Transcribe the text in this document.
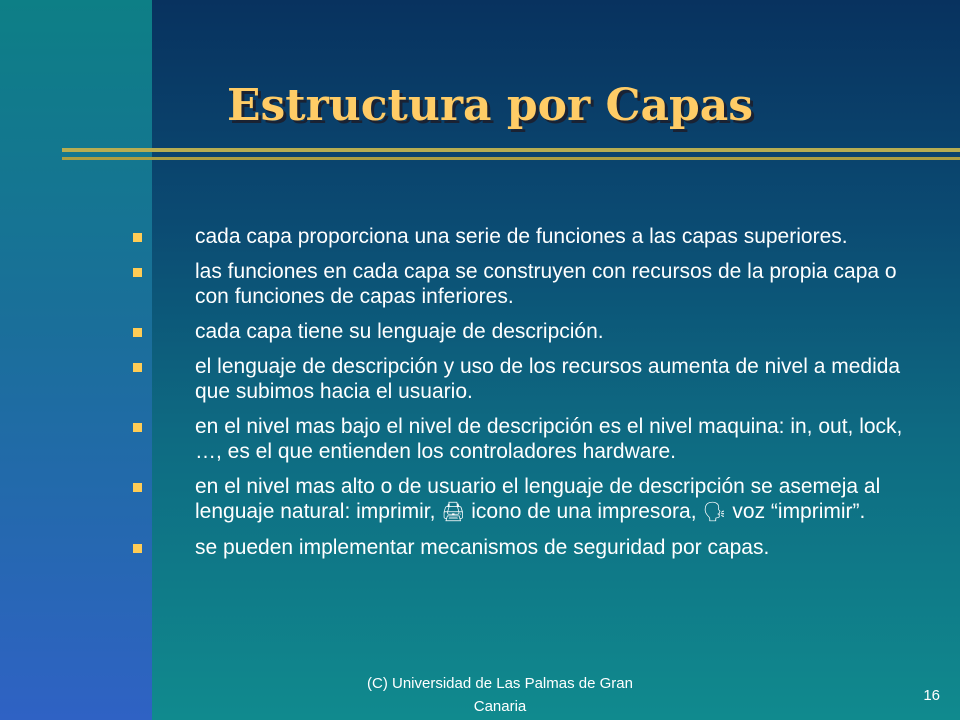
Estructura por Capas
cada capa proporciona una serie de funciones a las capas superiores.
las funciones en cada capa se construyen con recursos de la propia capa o con funciones de capas inferiores.
cada capa tiene su lenguaje de descripción.
el lenguaje de descripción y uso de los recursos aumenta de nivel a medida que subimos hacia el usuario.
en el nivel mas bajo el nivel de descripción es el nivel maquina: in, out, lock, …, es el que entienden los controladores hardware.
en el nivel mas alto o de usuario el lenguaje de descripción se asemeja al lenguaje natural: imprimir, 🖨 icono de una impresora, 🗣 voz “imprimir”.
se pueden implementar mecanismos de seguridad por capas.
(C) Universidad de Las Palmas de Gran Canaria
16
